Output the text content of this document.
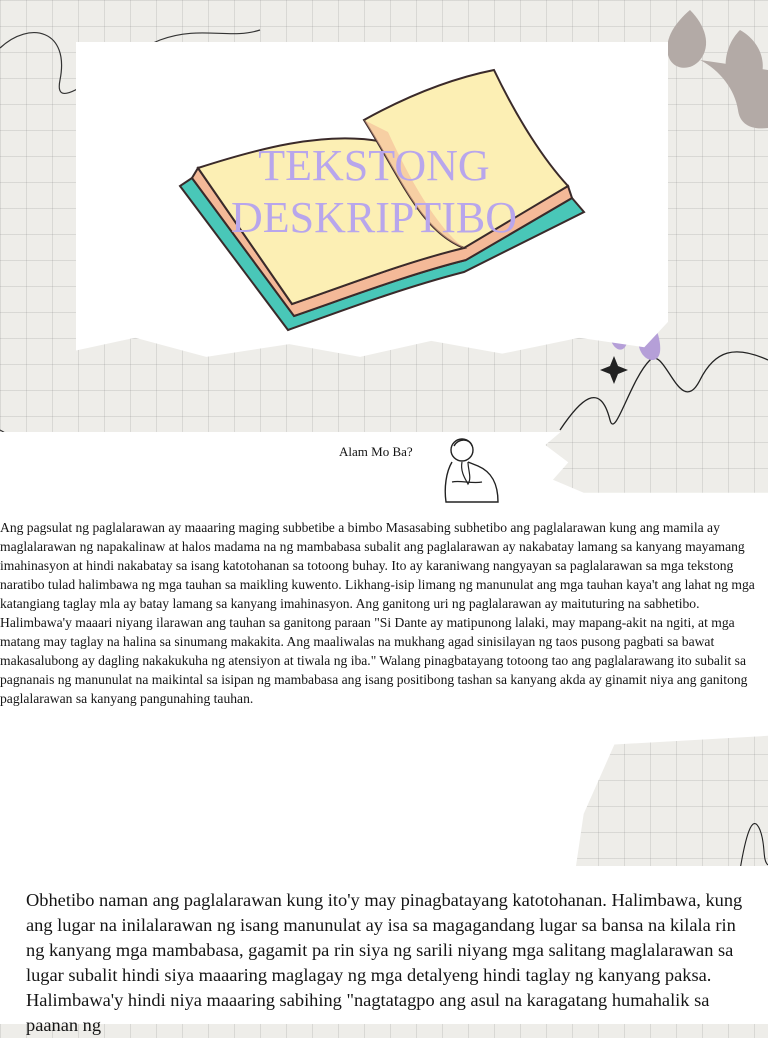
TEKSTONG
DESKRIPTIBO
Alam Mo Ba?

Ang pagsulat ng paglalarawan ay maaaring maging subbetibe a bimbo Masasabing subhetibo ang paglalarawan kung ang mamila ay maglalarawan ng napakalinaw at halos madama na ng mambabasa subalit ang paglalarawan ay nakabatay lamang sa kanyang mayamang imahinasyon at hindi nakabatay sa isang katotohanan sa totoong buhay. Ito ay karaniwang nangyayan sa paglalarawan sa mga tekstong naratibo tulad halimbawa ng mga tauhan sa maikling kuwento. Likhang-isip limang ng manunulat ang mga tauhan kaya't ang lahat ng mga katangiang taglay mla ay batay lamang sa kanyang imahinasyon. Ang ganitong uri ng paglalarawan ay maituturing na sabhetibo. Halimbawa'y maaari niyang ilarawan ang tauhan sa ganitong paraan "Si Dante ay matipunong lalaki, may mapang-akit na ngiti, at mga matang may taglay na halina sa sinumang makakita. Ang maaliwalas na mukhang agad sinisilayan ng taos pusong pagbati sa bawat makasalubong ay dagling nakakukuha ng atensiyon at tiwala ng iba." Walang pinagbatayang totoong tao ang paglalarawang ito subalit sa pagnanais ng manunulat na maikintal sa isipan ng mambabasa ang isang positibong tashan sa kanyang akda ay ginamit niya ang ganitong paglalarawan sa kanyang pangunahing tauhan.

Obhetibo naman ang paglalarawan kung ito'y may pinagbatayang katotohanan. Halimbawa, kung ang lugar na inilalarawan ng isang manunulat ay isa sa magagandang lugar sa bansa na kilala rin ng kanyang mga mambabasa, gagamit pa rin siya ng sarili niyang mga salitang maglalarawan sa lugar subalit hindi siya maaaring maglagay ng mga detalyeng hindi taglay ng kanyang paksa. Halimbawa'y hindi niya maaaring sabihing "nagtatagpo ang asul na karagatang humahalik sa paanan ng
